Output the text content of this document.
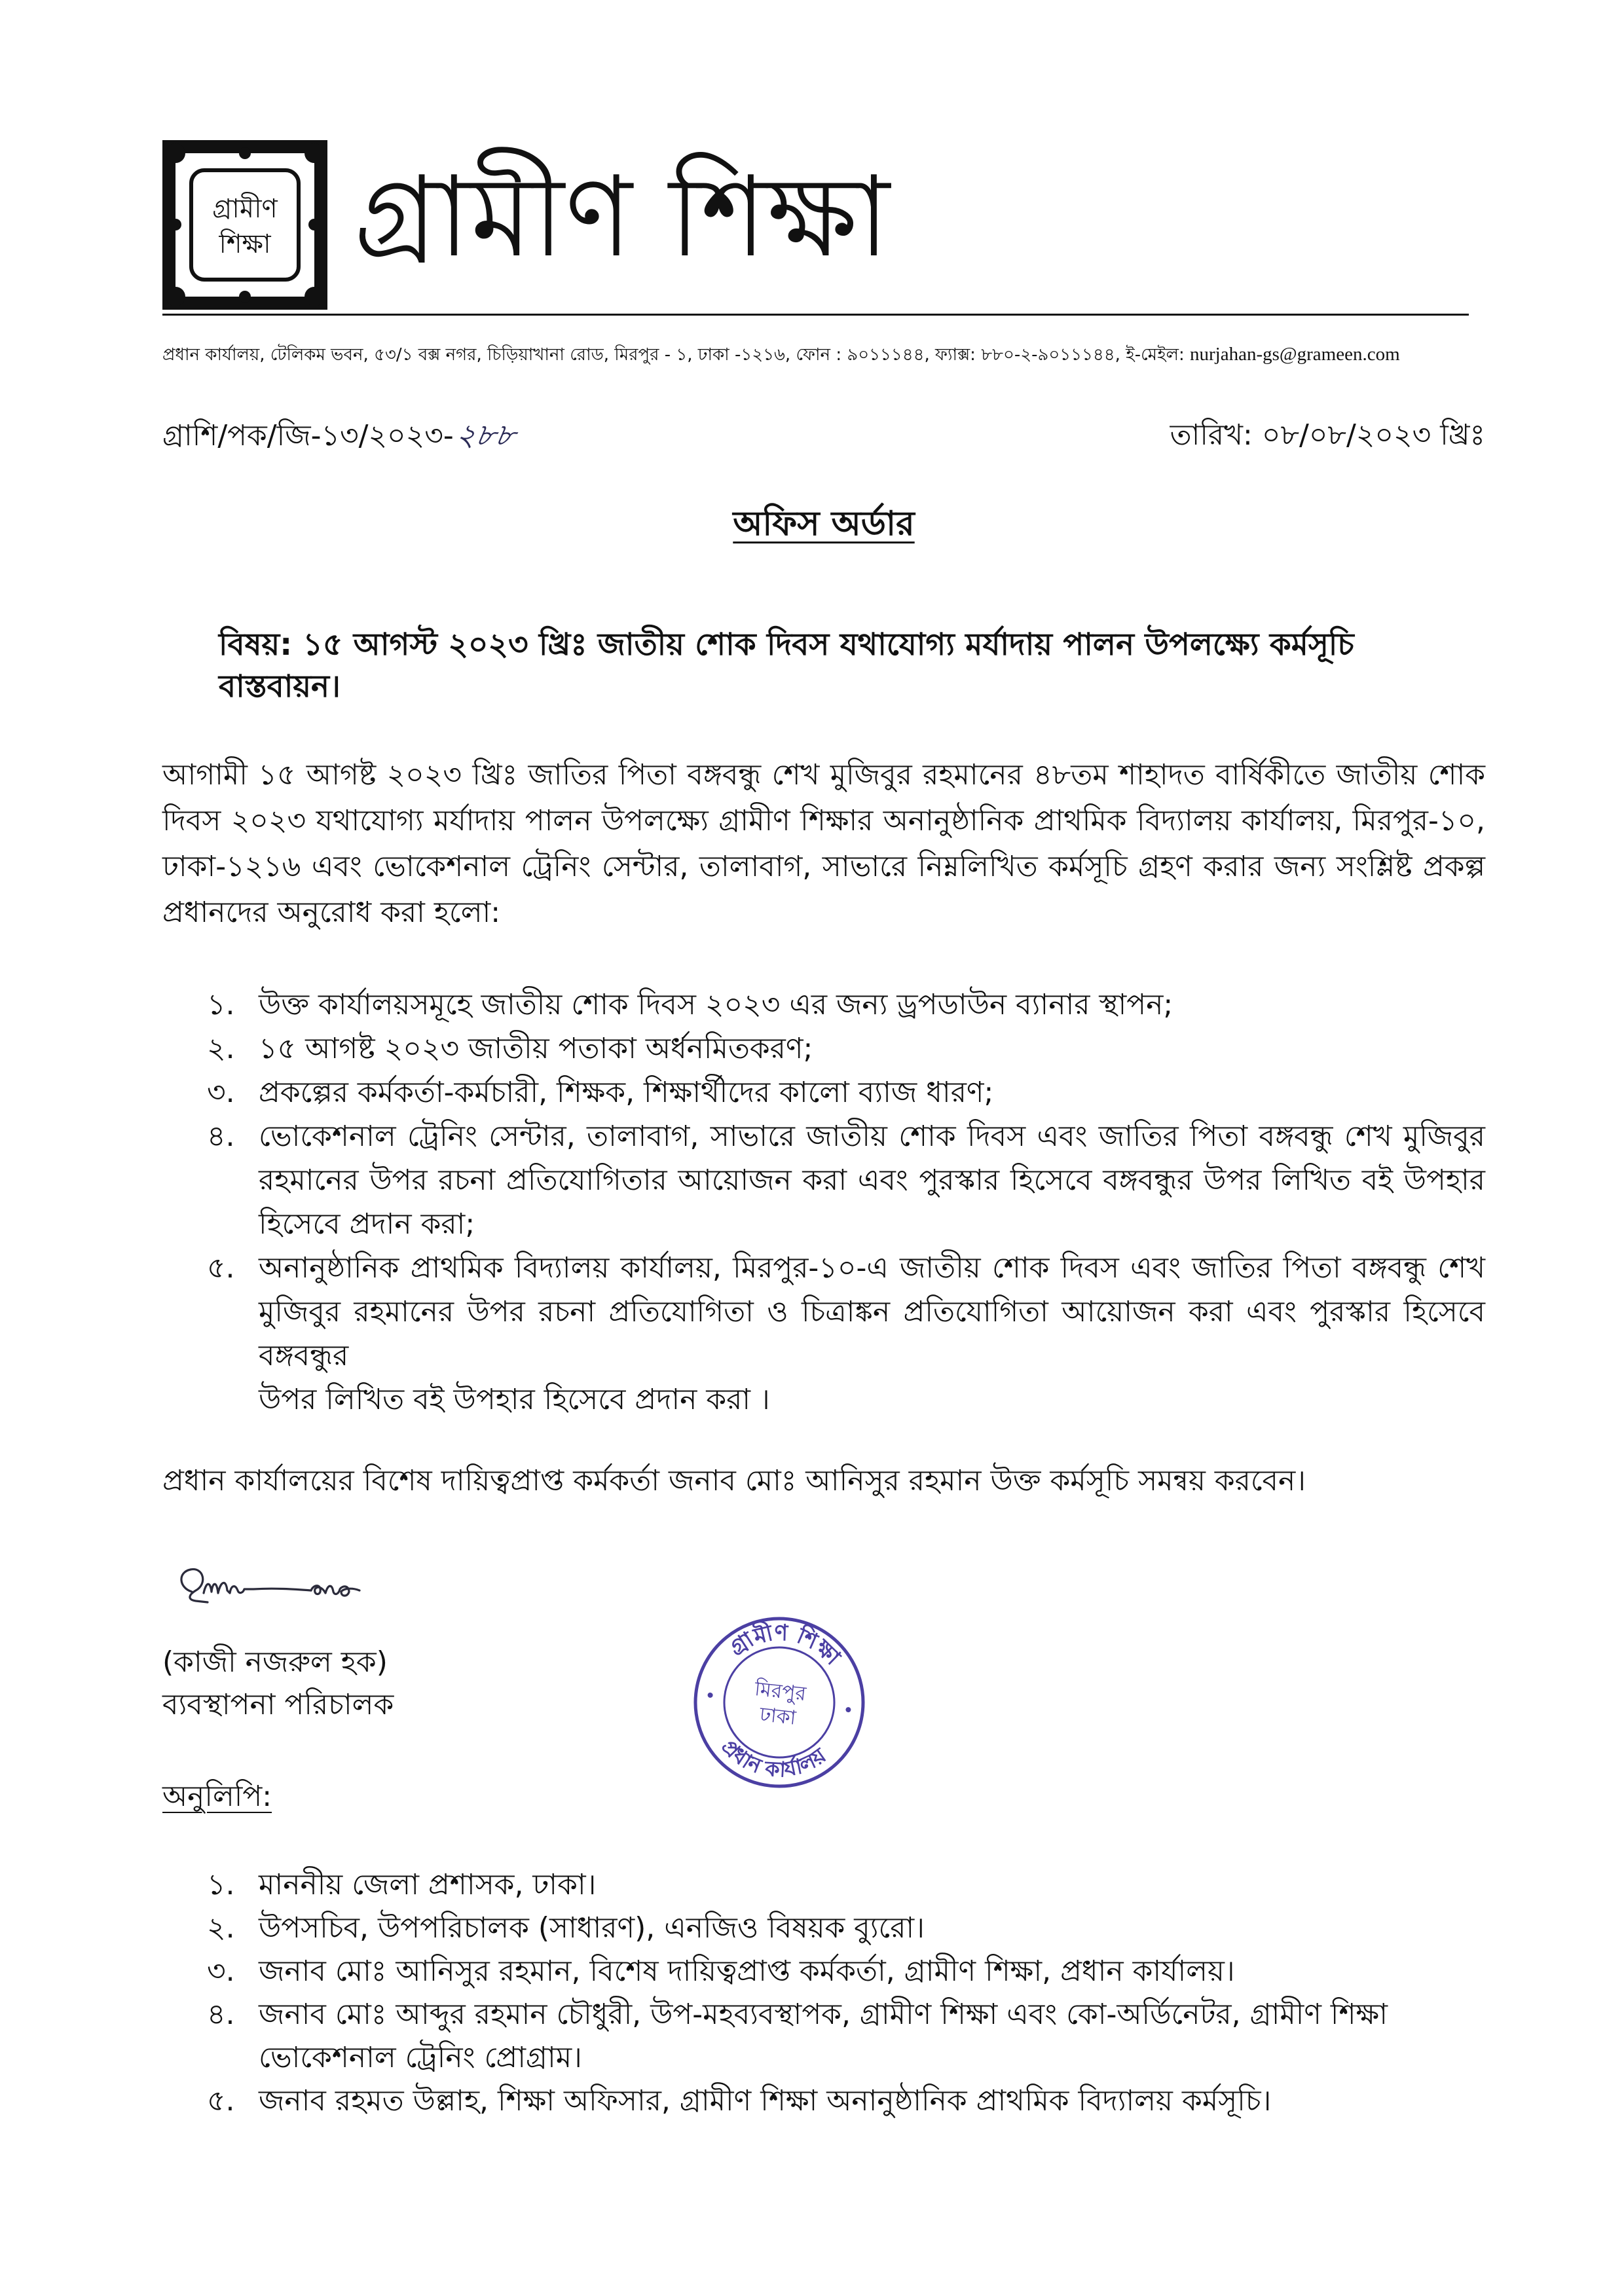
গ্রামীণ
শিক্ষা গ্রামীণ শিক্ষা
প্রধান কার্যালয়, টেলিকম ভবন, ৫৩/১ বক্স নগর, চিড়িয়াখানা রোড, মিরপুর - ১, ঢাকা -১২১৬, ফোন : ৯০১১১৪৪, ফ্যাক্স: ৮৮০-২-৯০১১১৪৪, ই-মেইল: nurjahan-gs@grameen.com
গ্রাশি/পক/জি-১৩/২০২৩-২৮৮	তারিখ: ০৮/০৮/২০২৩ খ্রিঃ
অফিস অর্ডার
বিষয়: ১৫ আগস্ট ২০২৩ খ্রিঃ জাতীয় শোক দিবস যথাযোগ্য মর্যাদায় পালন উপলক্ষ্যে কর্মসূচি বাস্তবায়ন।
আগামী ১৫ আগষ্ট ২০২৩ খ্রিঃ জাতির পিতা বঙ্গবন্ধু শেখ মুজিবুর রহমানের ৪৮তম শাহাদত বার্ষিকীতে জাতীয় শোক
দিবস ২০২৩ যথাযোগ্য মর্যাদায় পালন উপলক্ষ্যে গ্রামীণ শিক্ষার অনানুষ্ঠানিক প্রাথমিক বিদ্যালয় কার্যালয়, মিরপুর-১০,
ঢাকা-১২১৬ এবং ভোকেশনাল ট্রেনিং সেন্টার, তালাবাগ, সাভারে নিম্নলিখিত কর্মসূচি গ্রহণ করার জন্য সংশ্লিষ্ট প্রকল্প
প্রধানদের অনুরোধ করা হলো:
১. উক্ত কার্যালয়সমূহে জাতীয় শোক দিবস ২০২৩ এর জন্য ড্রপডাউন ব্যানার স্থাপন;
২. ১৫ আগষ্ট ২০২৩ জাতীয় পতাকা অর্ধনমিতকরণ;
৩. প্রকল্পের কর্মকর্তা-কর্মচারী, শিক্ষক, শিক্ষার্থীদের কালো ব্যাজ ধারণ;
৪. ভোকেশনাল ট্রেনিং সেন্টার, তালাবাগ, সাভারে জাতীয় শোক দিবস এবং জাতির পিতা বঙ্গবন্ধু শেখ মুজিবুর
রহমানের উপর রচনা প্রতিযোগিতার আয়োজন করা এবং পুরস্কার হিসেবে বঙ্গবন্ধুর উপর লিখিত বই উপহার
হিসেবে প্রদান করা;
৫. অনানুষ্ঠানিক প্রাথমিক বিদ্যালয় কার্যালয়, মিরপুর-১০-এ জাতীয় শোক দিবস এবং জাতির পিতা বঙ্গবন্ধু শেখ
মুজিবুর রহমানের উপর রচনা প্রতিযোগিতা ও চিত্রাঙ্কন প্রতিযোগিতা আয়োজন করা এবং পুরস্কার হিসেবে বঙ্গবন্ধুর
উপর লিখিত বই উপহার হিসেবে প্রদান করা ।
প্রধান কার্যালয়ের বিশেষ দায়িত্বপ্রাপ্ত কর্মকর্তা জনাব মোঃ আনিসুর রহমান উক্ত কর্মসূচি সমন্বয় করবেন।
(কাজী নজরুল হক)
ব্যবস্থাপনা পরিচালক
গ্রামীণ শিক্ষা
প্রধান কার্যালয়
মিরপুর
ঢাকা
অনুলিপি:
১. মাননীয় জেলা প্রশাসক, ঢাকা।
২. উপসচিব, উপপরিচালক (সাধারণ), এনজিও বিষয়ক ব্যুরো।
৩. জনাব মোঃ আনিসুর রহমান, বিশেষ দায়িত্বপ্রাপ্ত কর্মকর্তা, গ্রামীণ শিক্ষা, প্রধান কার্যালয়।
৪. জনাব মোঃ আব্দুর রহমান চৌধুরী, উপ-মহব্যবস্থাপক, গ্রামীণ শিক্ষা এবং কো-অর্ডিনেটর, গ্রামীণ শিক্ষা
ভোকেশনাল ট্রেনিং প্রোগ্রাম।
৫. জনাব রহমত উল্লাহ, শিক্ষা অফিসার, গ্রামীণ শিক্ষা অনানুষ্ঠানিক প্রাথমিক বিদ্যালয় কর্মসূচি।
